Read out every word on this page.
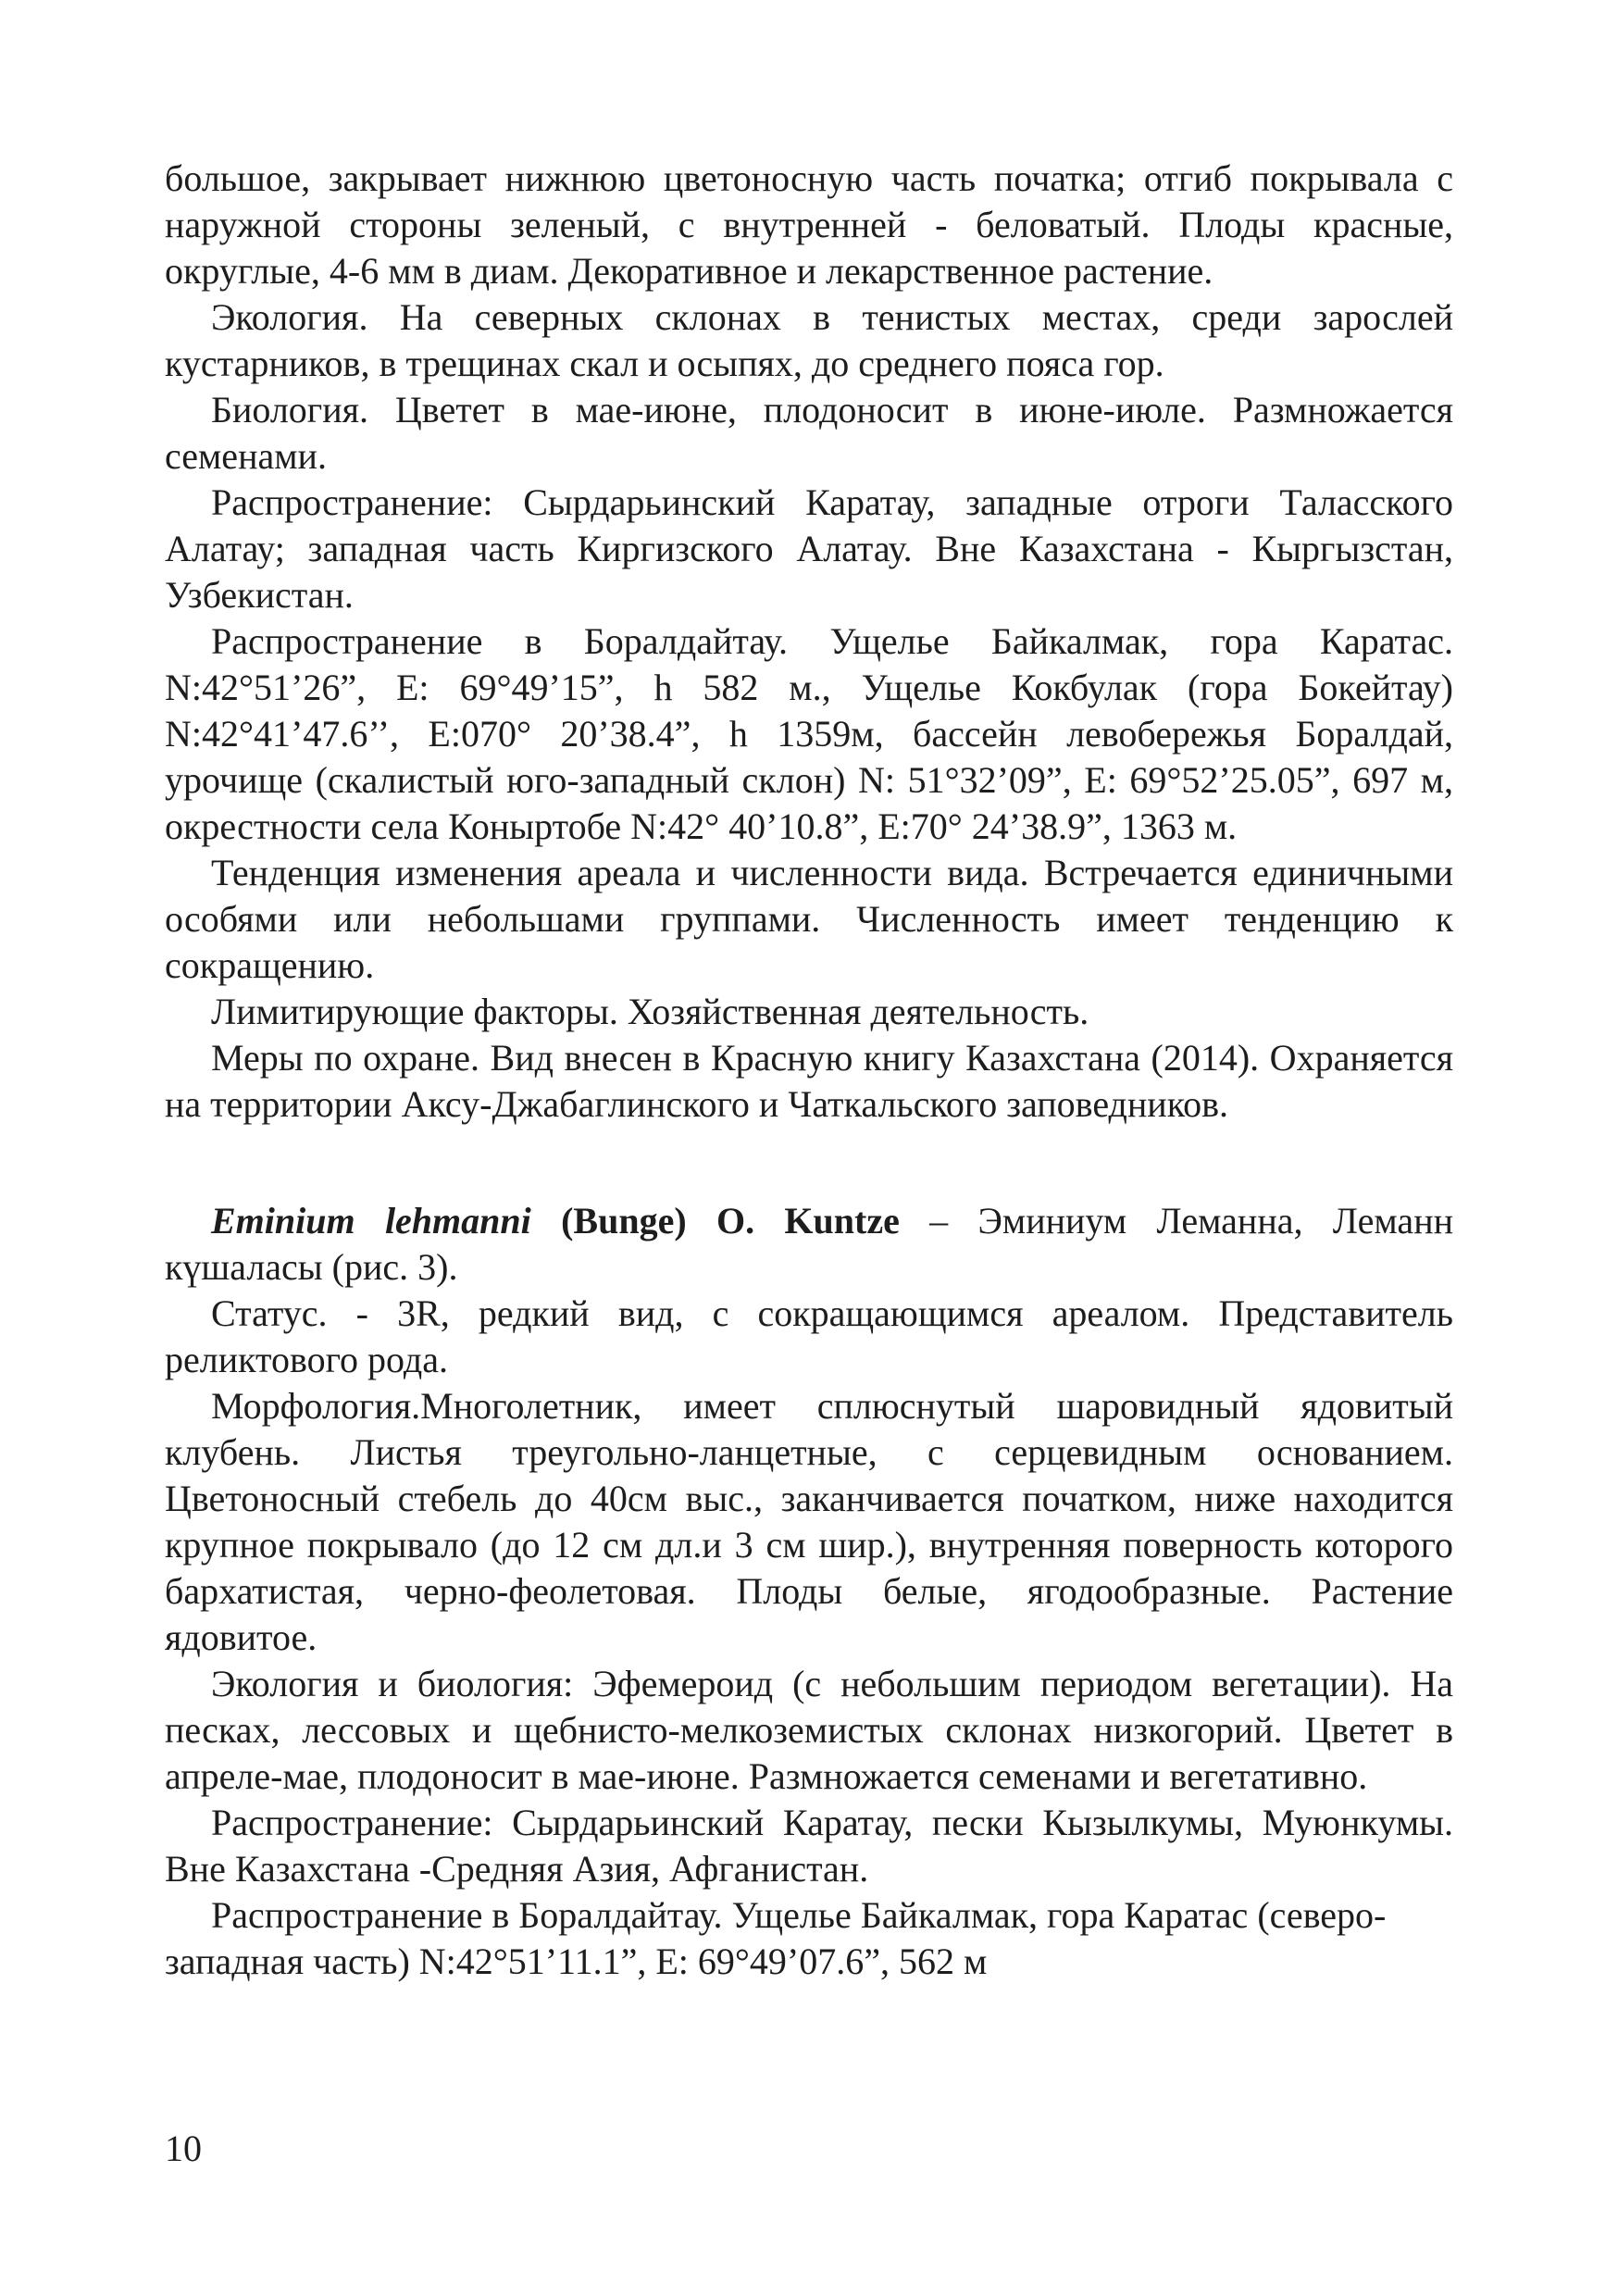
большое, закрывает нижнюю цветоносную часть початка; отгиб покрывала с наружной стороны зеленый, с внутренней - беловатый. Плоды красные, округлые, 4-6 мм в диам. Декоративное и лекарственное растение.

Экология. На северных склонах в тенистых местах, среди зарослей кустарников, в трещинах скал и осыпях, до среднего пояса гор.

Биология. Цветет в мае-июне, плодоносит в июне-июле. Размножается семенами.

Распространение: Сырдарьинский Каратау, западные отроги Таласского Алатау; западная часть Киргизского Алатау. Вне Казахстана - Кыргызстан, Узбекистан.

Распространение в Боралдайтау. Ущелье Байкалмак, гора Каратас. N:42°51’26”, E: 69°49’15”, h 582 м., Ущелье Кокбулак (гора Бокейтау) N:42°41’47.6’’, E:070° 20’38.4”, h 1359м, бассейн левобережья Боралдай, урочище (скалистый юго-западный склон) N: 51°32’09”, E: 69°52’25.05”, 697 м, окрестности села Коныртобе N:42° 40’10.8”, E:70° 24’38.9”, 1363 м.

Тенденция изменения ареала и численности вида. Встречается единичными особями или небольшами группами. Численность имеет тенденцию к сокращению.

Лимитирующие факторы. Хозяйственная деятельность.

Меры по охране. Вид внесен в Красную книгу Казахстана (2014). Охраняется на территории Аксу-Джабаглинского и Чаткальского заповедников.

Eminium lehmanni (Bunge) O. Kuntze – Эминиум Леманна, Леманн күшаласы (рис. 3).

Статус. - 3R, редкий вид, с сокращающимся ареалом. Представитель реликтового рода.

Морфология.Многолетник, имеет сплюснутый шаровидный ядовитый клубень. Листья треугольно-ланцетные, с серцевидным основанием. Цветоносный стебель до 40см выс., заканчивается початком, ниже находится крупное покрывало (до 12 см дл.и 3 см шир.), внутренняя поверность которого бархатистая, черно-феолетовая. Плоды белые, ягодообразные. Растение ядовитое.

Экология и биология: Эфемероид (с небольшим периодом вегетации). На песках, лессовых и щебнисто-мелкоземистых склонах низкогорий. Цветет в апреле-мае, плодоносит в мае-июне. Размножается семенами и вегетативно.

Распространение: Сырдарьинский Каратау, пески Кызылкумы, Муюнкумы. Вне Казахстана -Средняя Азия, Афганистан.

Распространение в Боралдайтау. Ущелье Байкалмак, гора Каратас (северо-западная часть) N:42°51’11.1”, E: 69°49’07.6”, 562 м

10
